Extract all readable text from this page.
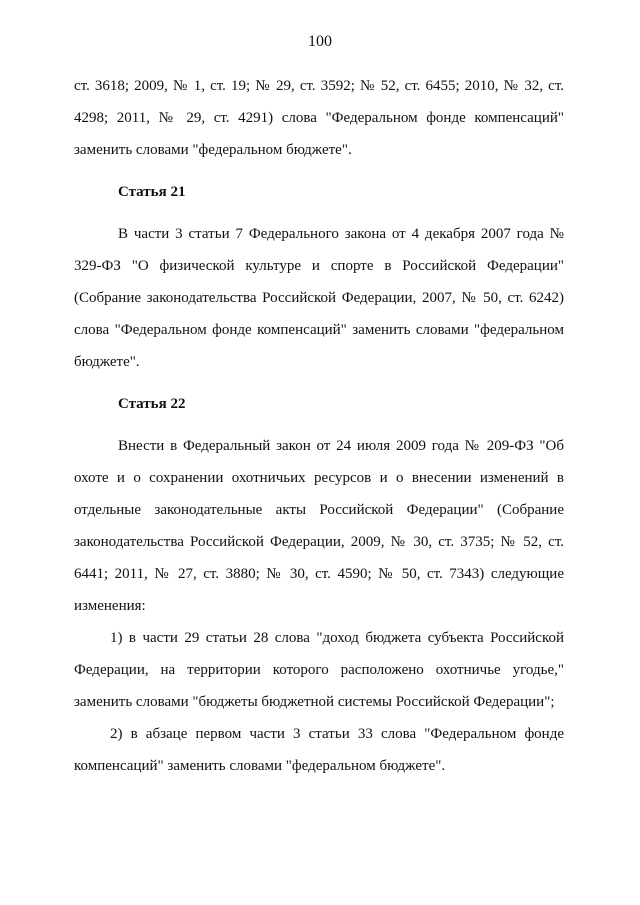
100

ст. 3618; 2009, № 1, ст. 19; № 29, ст. 3592; № 52, ст. 6455; 2010, № 32, ст. 4298; 2011, № 29, ст. 4291) слова "Федеральном фонде компенсаций" заменить словами "федеральном бюджете".

Статья 21

В части 3 статьи 7 Федерального закона от 4 декабря 2007 года № 329-ФЗ "О физической культуре и спорте в Российской Федерации" (Собрание законодательства Российской Федерации, 2007, № 50, ст. 6242) слова "Федеральном фонде компенсаций" заменить словами "федеральном бюджете".

Статья 22

Внести в Федеральный закон от 24 июля 2009 года № 209-ФЗ "Об охоте и о сохранении охотничьих ресурсов и о внесении изменений в отдельные законодательные акты Российской Федерации" (Собрание законодательства Российской Федерации, 2009, № 30, ст. 3735; № 52, ст. 6441; 2011, № 27, ст. 3880; № 30, ст. 4590; № 50, ст. 7343) следующие изменения:

1) в части 29 статьи 28 слова "доход бюджета субъекта Российской Федерации, на территории которого расположено охотничье угодье," заменить словами "бюджеты бюджетной системы Российской Федерации";

2) в абзаце первом части 3 статьи 33 слова "Федеральном фонде компенсаций" заменить словами "федеральном бюджете".
